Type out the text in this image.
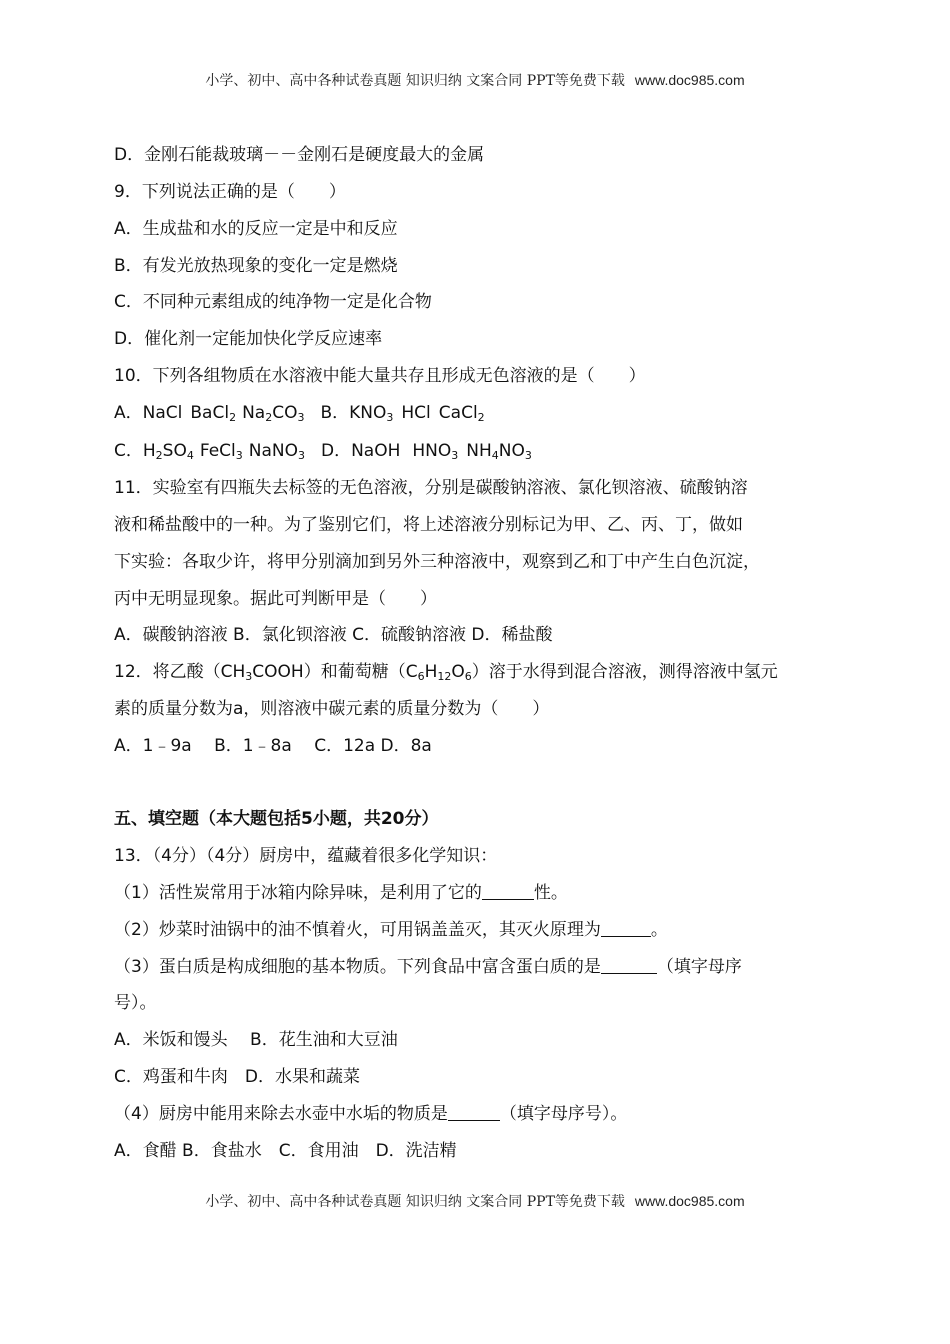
小学、初中、高中各种试卷真题 知识归纳 文案合同 PPT等免费下载 www.doc985.com
D．金刚石能裁玻璃－－金刚石是硬度最大的金属
9．下列说法正确的是（　　）
A．生成盐和水的反应一定是中和反应
B．有发光放热现象的变化一定是燃烧
C．不同种元素组成的纯净物一定是化合物
D．催化剂一定能加快化学反应速率
10．下列各组物质在水溶液中能大量共存且形成无色溶液的是（　　）
A．NaCl BaCl$_2$ $Na_2CO_3$ B．$KNO_3$ HCl CaCl$_2$
C．$H_2SO_4$ FeCl$_3$ NaNO$_3$ D．NaOH $HNO_3$ $NH_4NO_3$
11．实验室有四瓶失去标签的无色溶液，分别是碳酸钠溶液、氯化钡溶液、硫酸钠溶
液和稀盐酸中的一种。为了鉴别它们，将上述溶液分别标记为甲、乙、丙、丁，做如
下实验：各取少许，将甲分别滴加到另外三种溶液中，观察到乙和丁中产生白色沉淀，
丙中无明显现象。据此可判断甲是（　　）
A．碳酸钠溶液 B．氯化钡溶液 C．硫酸钠溶液 D．稀盐酸
12．将乙酸$(CH_3COOH)$和葡萄糖$(C_6H_{12}O_6)$溶于水得到混合溶液，测得溶液中氢元
素的质量分数为a，则溶液中碳元素的质量分数为（　　）
A．1﹣9a　 B．1﹣8a　 C．12a D．8a
五、填空题（本大题包括5小题，共20分）
13．（4分）（4分）厨房中，蕴藏着很多化学知识：
（1）活性炭常用于冰箱内除异味，是利用了它的	性。
（2）炒菜时油锅中的油不慎着火，可用锅盖盖灭，其灭火原理为	。
（3）蛋白质是构成细胞的基本物质。下列食品中富含蛋白质的是	（填字母序
号）。
A．米饭和馒头　 B．花生油和大豆油
C．鸡蛋和牛肉　D．水果和蔬菜
（4）厨房中能用来除去水壶中水垢的物质是	（填字母序号）。
A．食醋 B．食盐水　C．食用油　D．洗洁精
小学、初中、高中各种试卷真题 知识归纳 文案合同 PPT等免费下载 www.doc985.com
